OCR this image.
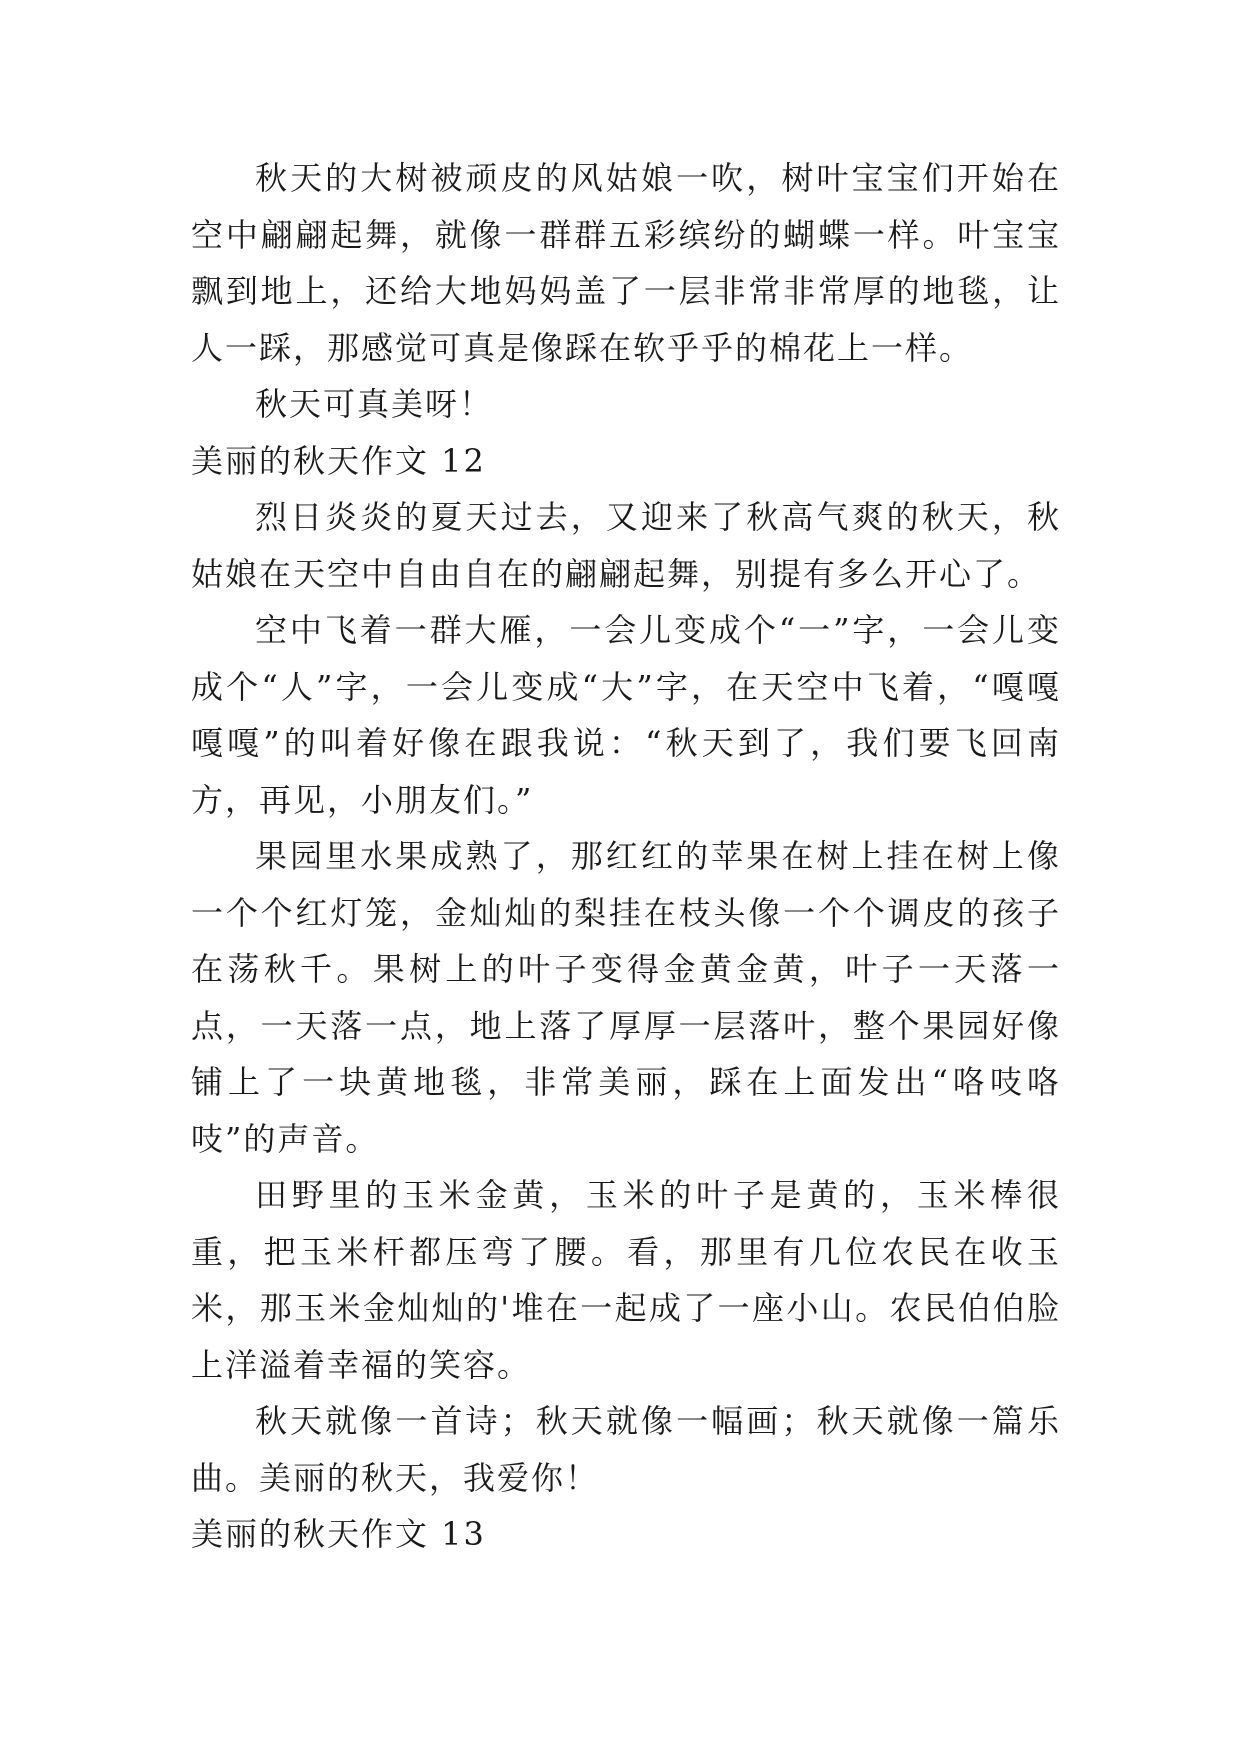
秋天的大树被顽皮的风姑娘一吹，树叶宝宝们开始在空中翩翩起舞，就像一群群五彩缤纷的蝴蝶一样。叶宝宝飘到地上，还给大地妈妈盖了一层非常非常厚的地毯，让人一踩，那感觉可真是像踩在软乎乎的棉花上一样。

秋天可真美呀！

美丽的秋天作文 12

烈日炎炎的夏天过去，又迎来了秋高气爽的秋天，秋姑娘在天空中自由自在的翩翩起舞，别提有多么开心了。

空中飞着一群大雁，一会儿变成个“一”字，一会儿变成个“人”字，一会儿变成“大”字，在天空中飞着，“嘎嘎嘎嘎”的叫着好像在跟我说：“秋天到了，我们要飞回南方，再见，小朋友们。”

果园里水果成熟了，那红红的苹果在树上挂在树上像一个个红灯笼，金灿灿的梨挂在枝头像一个个调皮的孩子在荡秋千。果树上的叶子变得金黄金黄，叶子一天落一点，一天落一点，地上落了厚厚一层落叶，整个果园好像铺上了一块黄地毯，非常美丽，踩在上面发出“咯吱咯吱”的声音。

田野里的玉米金黄，玉米的叶子是黄的，玉米棒很重，把玉米杆都压弯了腰。看，那里有几位农民在收玉米，那玉米金灿灿的'堆在一起成了一座小山。农民伯伯脸上洋溢着幸福的笑容。

秋天就像一首诗；秋天就像一幅画；秋天就像一篇乐曲。美丽的秋天，我爱你！

美丽的秋天作文 13
